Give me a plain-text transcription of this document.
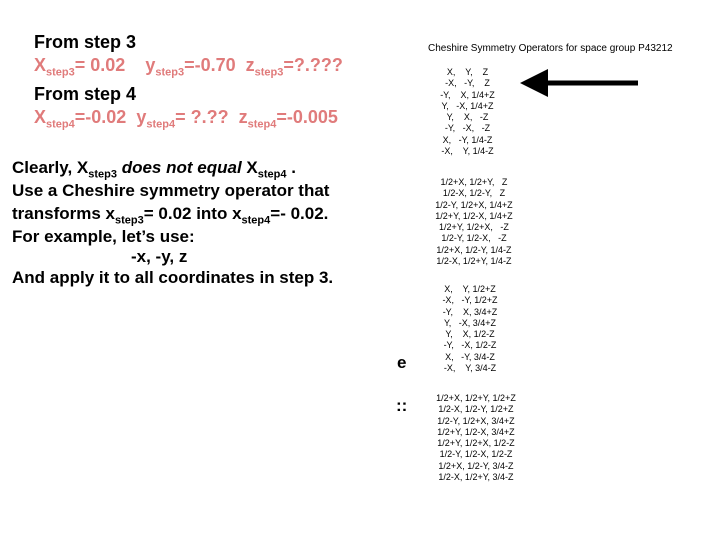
From step 3
$X_{step3}= 0.02$ $y_{step3}=-0.70$ $z_{step3}=$?.???
From step 4
$X_{step4}=-0.02$ $y_{step4}=$ ?.?? $z_{step4}=-0.005$
Clearly, $X_{step3}$ does not equal $X_{step4}$ .
Use a Cheshire symmetry operator that
transforms $x_{step3}= 0.02$ into $x_{step4}=-$ 0.02.
For example, let’s use:
-x, -y, z
And apply it to all coordinates in step 3.
Cheshire Symmetry Operators for space group P43212
X,    Y,    Z
-X,   -Y,    Z
-Y,    X, 1/4+Z
Y,   -X, 1/4+Z
Y,    X,   -Z
-Y,   -X,   -Z
X,   -Y, 1/4-Z
-X,    Y, 1/4-Z
1/2+X, 1/2+Y,   Z
1/2-X, 1/2-Y,   Z
1/2-Y, 1/2+X, 1/4+Z
1/2+Y, 1/2-X, 1/4+Z
1/2+Y, 1/2+X,   -Z
1/2-Y, 1/2-X,   -Z
1/2+X, 1/2-Y, 1/4-Z
1/2-X, 1/2+Y, 1/4-Z
X,    Y, 1/2+Z
-X,   -Y, 1/2+Z
-Y,    X, 3/4+Z
Y,   -X, 3/4+Z
Y,    X, 1/2-Z
-Y,   -X, 1/2-Z
X,   -Y, 3/4-Z
-X,    Y, 3/4-Z
1/2+X, 1/2+Y, 1/2+Z
1/2-X, 1/2-Y, 1/2+Z
1/2-Y, 1/2+X, 3/4+Z
1/2+Y, 1/2-X, 3/4+Z
1/2+Y, 1/2+X, 1/2-Z
1/2-Y, 1/2-X, 1/2-Z
1/2+X, 1/2-Y, 3/4-Z
1/2-X, 1/2+Y, 3/4-Z
e
::
